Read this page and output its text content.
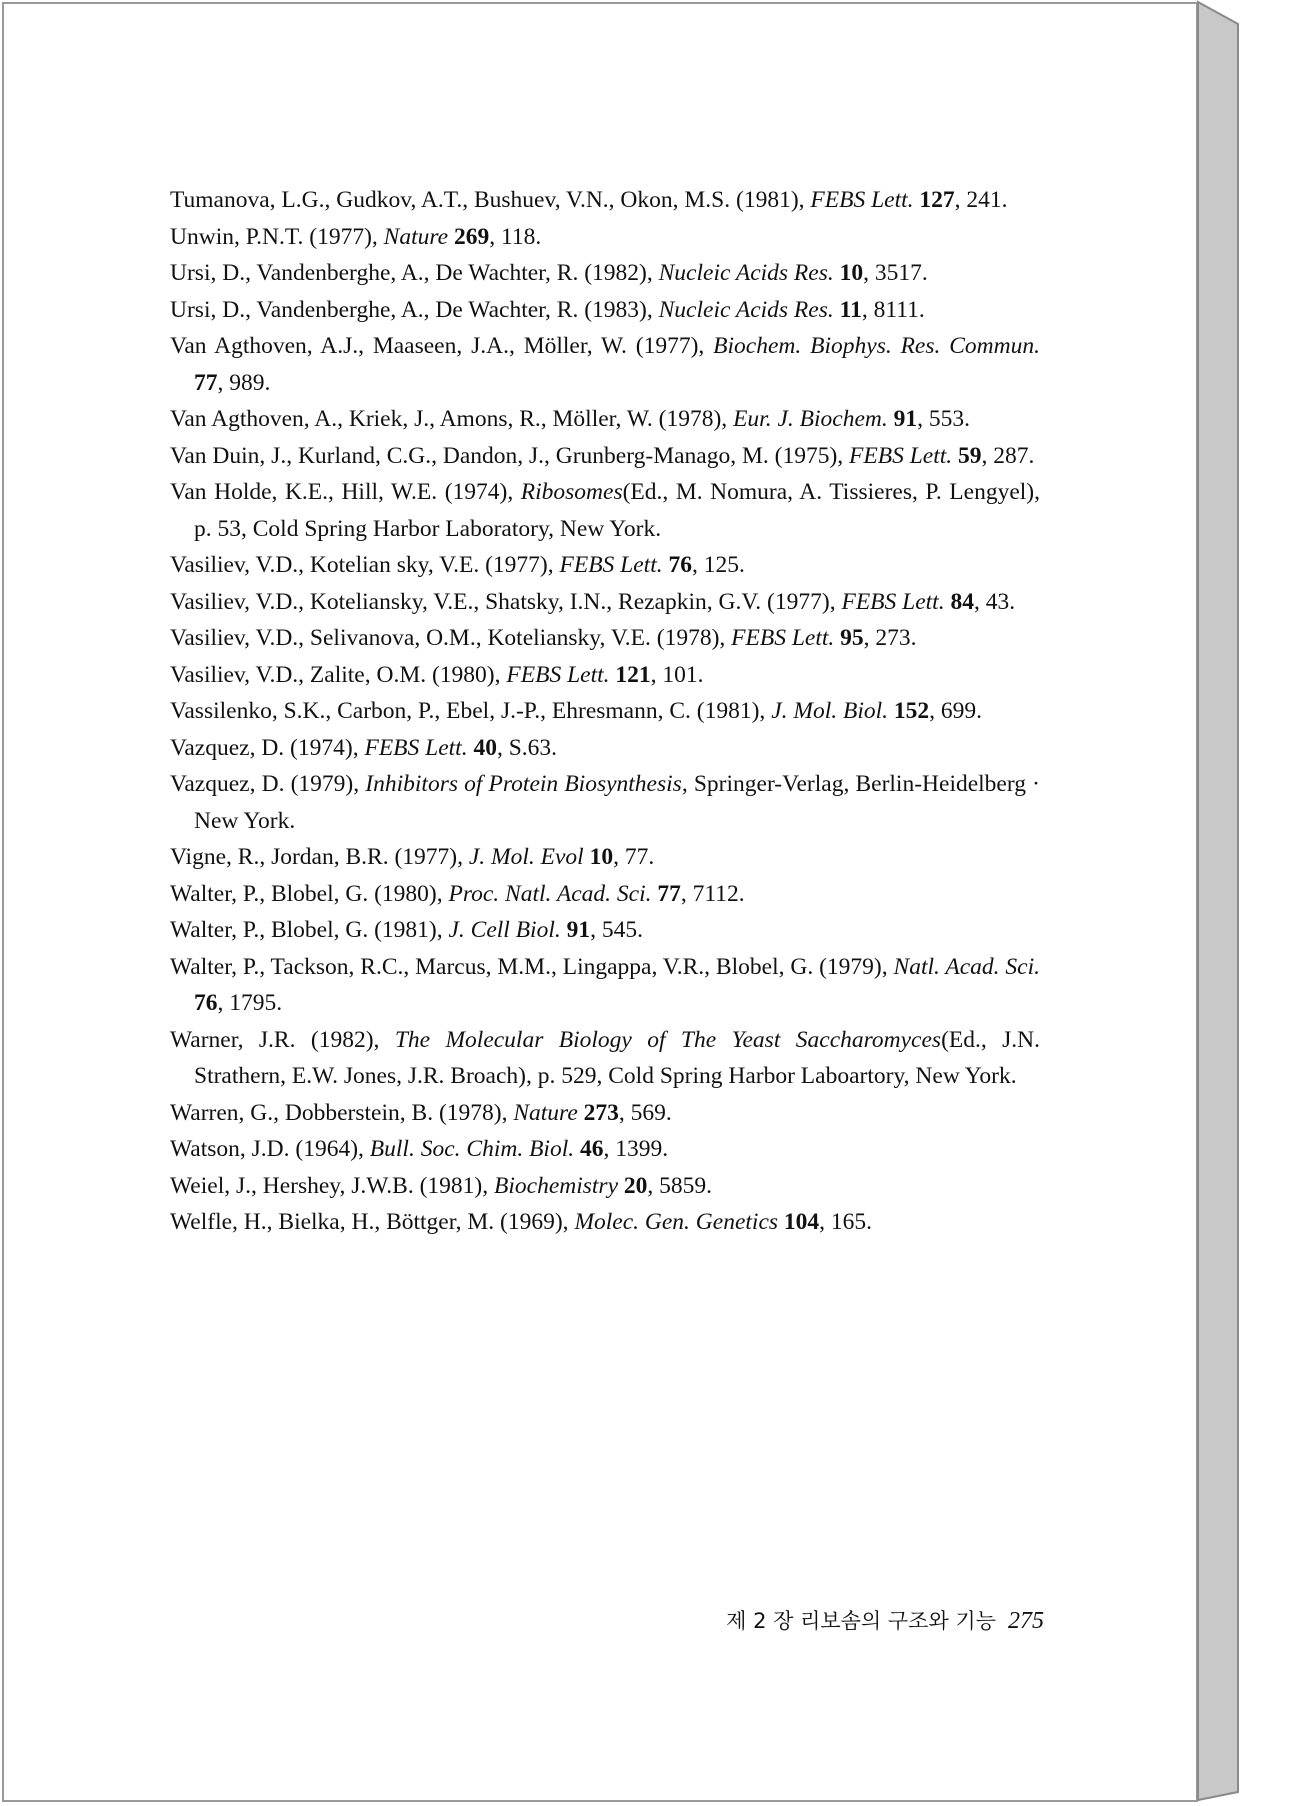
Tumanova, L.G., Gudkov, A.T., Bushuev, V.N., Okon, M.S. (1981), FEBS Lett. 127, 241.
Unwin, P.N.T. (1977), Nature 269, 118.
Ursi, D., Vandenberghe, A., De Wachter, R. (1982), Nucleic Acids Res. 10, 3517.
Ursi, D., Vandenberghe, A., De Wachter, R. (1983), Nucleic Acids Res. 11, 8111.
Van Agthoven, A.J., Maaseen, J.A., Möller, W. (1977), Biochem. Biophys. Res. Commun. 77, 989.
Van Agthoven, A., Kriek, J., Amons, R., Möller, W. (1978), Eur. J. Biochem. 91, 553.
Van Duin, J., Kurland, C.G., Dandon, J., Grunberg-Manago, M. (1975), FEBS Lett. 59, 287.
Van Holde, K.E., Hill, W.E. (1974), Ribosomes(Ed., M. Nomura, A. Tissieres, P. Lengyel), p. 53, Cold Spring Harbor Laboratory, New York.
Vasiliev, V.D., Kotelian sky, V.E. (1977), FEBS Lett. 76, 125.
Vasiliev, V.D., Koteliansky, V.E., Shatsky, I.N., Rezapkin, G.V. (1977), FEBS Lett. 84, 43.
Vasiliev, V.D., Selivanova, O.M., Koteliansky, V.E. (1978), FEBS Lett. 95, 273.
Vasiliev, V.D., Zalite, O.M. (1980), FEBS Lett. 121, 101.
Vassilenko, S.K., Carbon, P., Ebel, J.-P., Ehresmann, C. (1981), J. Mol. Biol. 152, 699.
Vazquez, D. (1974), FEBS Lett. 40, S.63.
Vazquez, D. (1979), Inhibitors of Protein Biosynthesis, Springer-Verlag, Berlin-Heidelberg · New York.
Vigne, R., Jordan, B.R. (1977), J. Mol. Evol 10, 77.
Walter, P., Blobel, G. (1980), Proc. Natl. Acad. Sci. 77, 7112.
Walter, P., Blobel, G. (1981), J. Cell Biol. 91, 545.
Walter, P., Tackson, R.C., Marcus, M.M., Lingappa, V.R., Blobel, G. (1979), Natl. Acad. Sci. 76, 1795.
Warner, J.R. (1982), The Molecular Biology of The Yeast Saccharomyces(Ed., J.N. Strathern, E.W. Jones, J.R. Broach), p. 529, Cold Spring Harbor Laboartory, New York.
Warren, G., Dobberstein, B. (1978), Nature 273, 569.
Watson, J.D. (1964), Bull. Soc. Chim. Biol. 46, 1399.
Weiel, J., Hershey, J.W.B. (1981), Biochemistry 20, 5859.
Welfle, H., Bielka, H., Böttger, M. (1969), Molec. Gen. Genetics 104, 165.
제 2 장 리보솜의 구조와 기능 275
